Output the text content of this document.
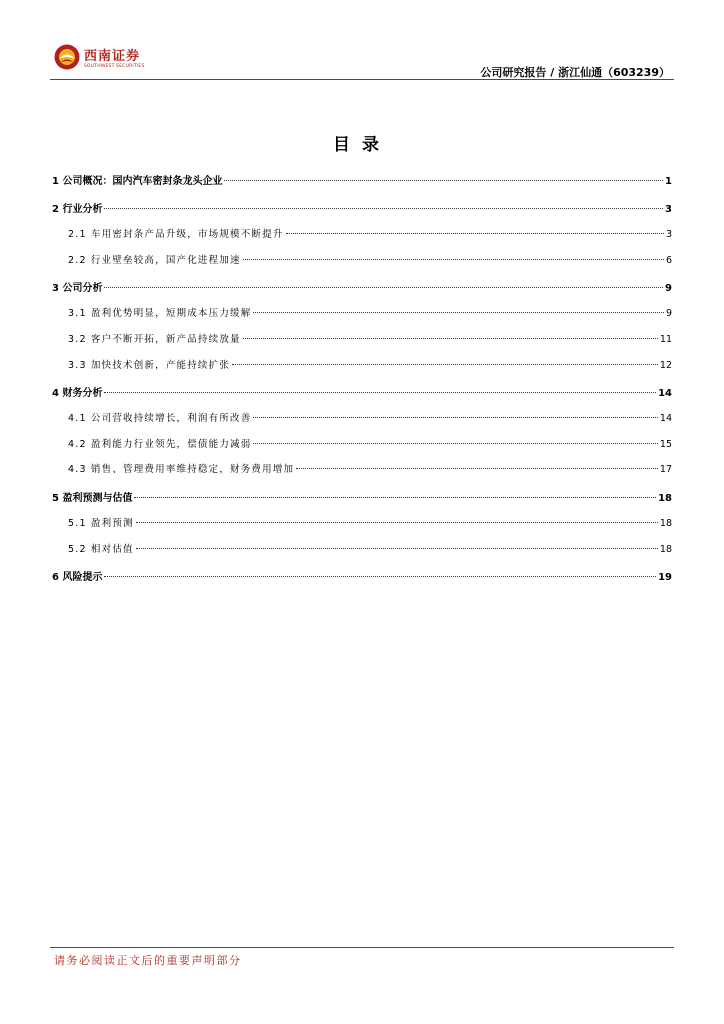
西南证券
SOUTHWEST SECURITIES	公司研究报告 / 浙江仙通（603239）
目录
1 公司概况：国内汽车密封条龙头企业	1
2 行业分析	3
2.1 车用密封条产品升级，市场规模不断提升	3
2.2 行业壁垒较高，国产化进程加速	6
3 公司分析	9
3.1 盈利优势明显，短期成本压力缓解	9
3.2 客户不断开拓，新产品持续放量	11
3.3 加快技术创新，产能持续扩张	12
4 财务分析	14
4.1 公司营收持续增长，利润有所改善	14
4.2 盈利能力行业领先，偿债能力减弱	15
4.3 销售、管理费用率维持稳定，财务费用增加	17
5 盈利预测与估值	18
5.1 盈利预测	18
5.2 相对估值	18
6 风险提示	19
请务必阅读正文后的重要声明部分
